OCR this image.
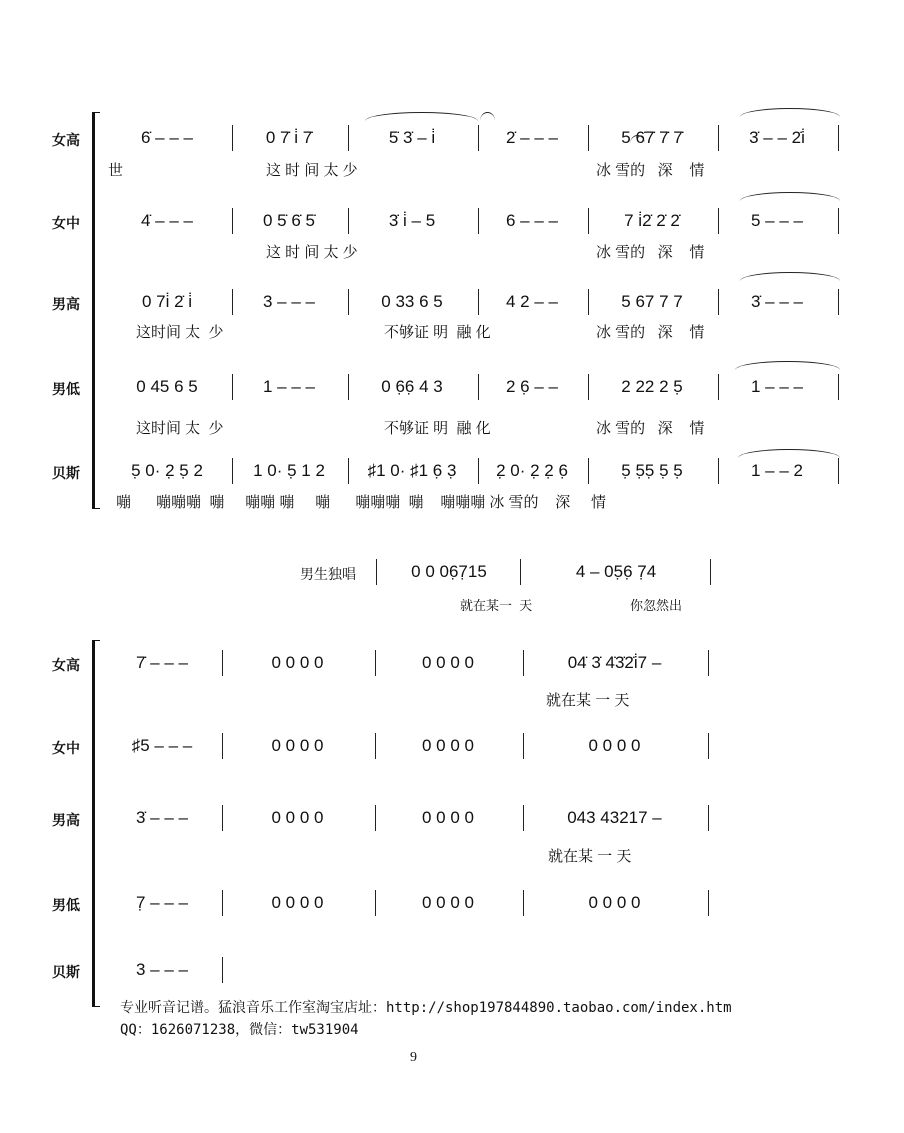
专业听音记谱。猛浪音乐工作室淘宝店址：http://shop197844890.taobao.com/index.htm
QQ：1626071238，微信：tw531904
9
女高	6̇ – – –	0 7̇ i̇ 7̇	5̇ 3̇ – i̇	2̇ – – –	5 6̇7̇ 7̇ 7̇	3̇ – – 2̇i̇
世	这 时 间 太 少	冰 雪的   深    情
女中	4̇ – – –	0 5̇ 6̇ 5̇	3̇ i̇ – 5	6 – – –	7 i̇2̇ 2̇ 2̇	5 – – –
这 时 间 太 少	冰 雪的   深    情
男高	0 7i̇ 2̇ i̇	3 – – –	0 33 6 5	4 2 – –	5 67 7 7	3̇ – – –
这时间 太  少	不够证 明  融 化	冰 雪的   深    情
男低	0 45 6 5	1 – – –	0 6̣6̣ 4 3	2 6̣ – –	2 22 2 5̣	1 – – –
这时间 太  少	不够证 明  融 化	冰 雪的   深    情
贝斯	5̣ 0· 2̣ 5̣ 2	1 0· 5̣ 1 2	♯1 0· ♯1 6̣ 3̣	2̣ 0· 2̣ 2̣ 6̣	5̣ 5̣5̣ 5̣ 5̣	1 – – 2
嘣      嘣嘣嘣  嘣     嘣嘣 嘣     嘣      嘣嘣嘣  嘣    嘣嘣嘣 冰 雪的    深     情
女高	7̇ – – –	0 0 0 0	0 0 0 0	04̇ 3̇ 4̇3̇2̇i̇7 –
就在某 一 天
女中	♯5 – – –	0 0 0 0	0 0 0 0	0 0 0 0
男高	3̇ – – –	0 0 0 0	0 0 0 0	043 43217 –
就在某 一 天
男低	7̣ – – –	0 0 0 0	0 0 0 0	0 0 0 0
贝斯	3 – – –
男生独唱	0 0 06̣7̣15	4 – 05̣6̣ 7̣4
就在某一  天	你忽然出
